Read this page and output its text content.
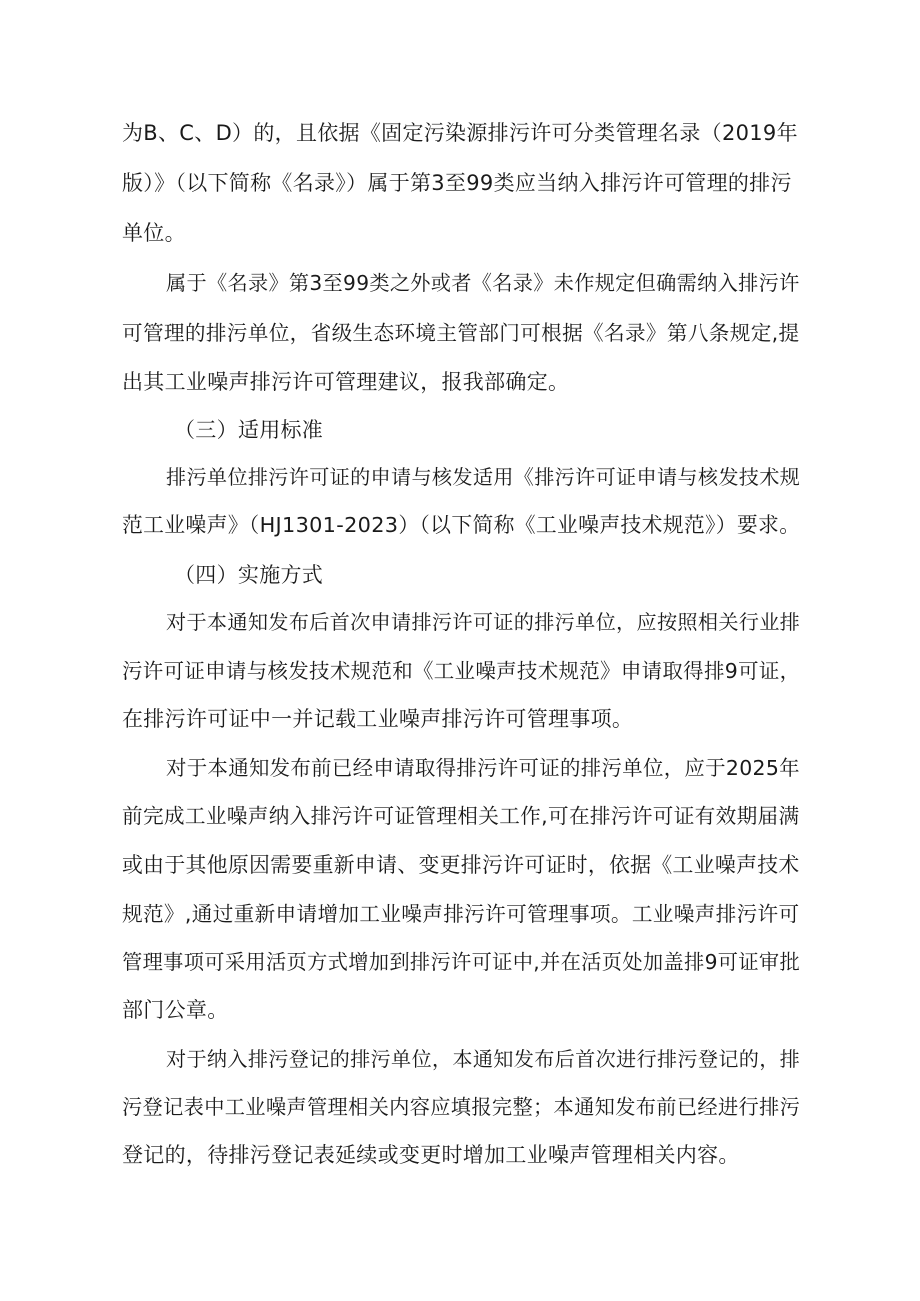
为B、C、D）的，且依据《固定污染源排污许可分类管理名录（2019年
版）》（以下简称《名录》）属于第3至99类应当纳入排污许可管理的排污
单位。
属于《名录》第3至99类之外或者《名录》未作规定但确需纳入排污许
可管理的排污单位，省级生态环境主管部门可根据《名录》第八条规定,提
出其工业噪声排污许可管理建议，报我部确定。
（三）适用标准
排污单位排污许可证的申请与核发适用《排污许可证申请与核发技术规
范工业噪声》（HJ1301-2023）（以下简称《工业噪声技术规范》）要求。
（四）实施方式
对于本通知发布后首次申请排污许可证的排污单位，应按照相关行业排
污许可证申请与核发技术规范和《工业噪声技术规范》申请取得排9可证，
在排污许可证中一并记载工业噪声排污许可管理事项。
对于本通知发布前已经申请取得排污许可证的排污单位，应于2025年
前完成工业噪声纳入排污许可证管理相关工作,可在排污许可证有效期届满
或由于其他原因需要重新申请、变更排污许可证时，依据《工业噪声技术
规范》,通过重新申请增加工业噪声排污许可管理事项。工业噪声排污许可
管理事项可采用活页方式增加到排污许可证中,并在活页处加盖排9可证审批
部门公章。
对于纳入排污登记的排污单位，本通知发布后首次进行排污登记的，排
污登记表中工业噪声管理相关内容应填报完整；本通知发布前已经进行排污
登记的，待排污登记表延续或变更时增加工业噪声管理相关内容。
